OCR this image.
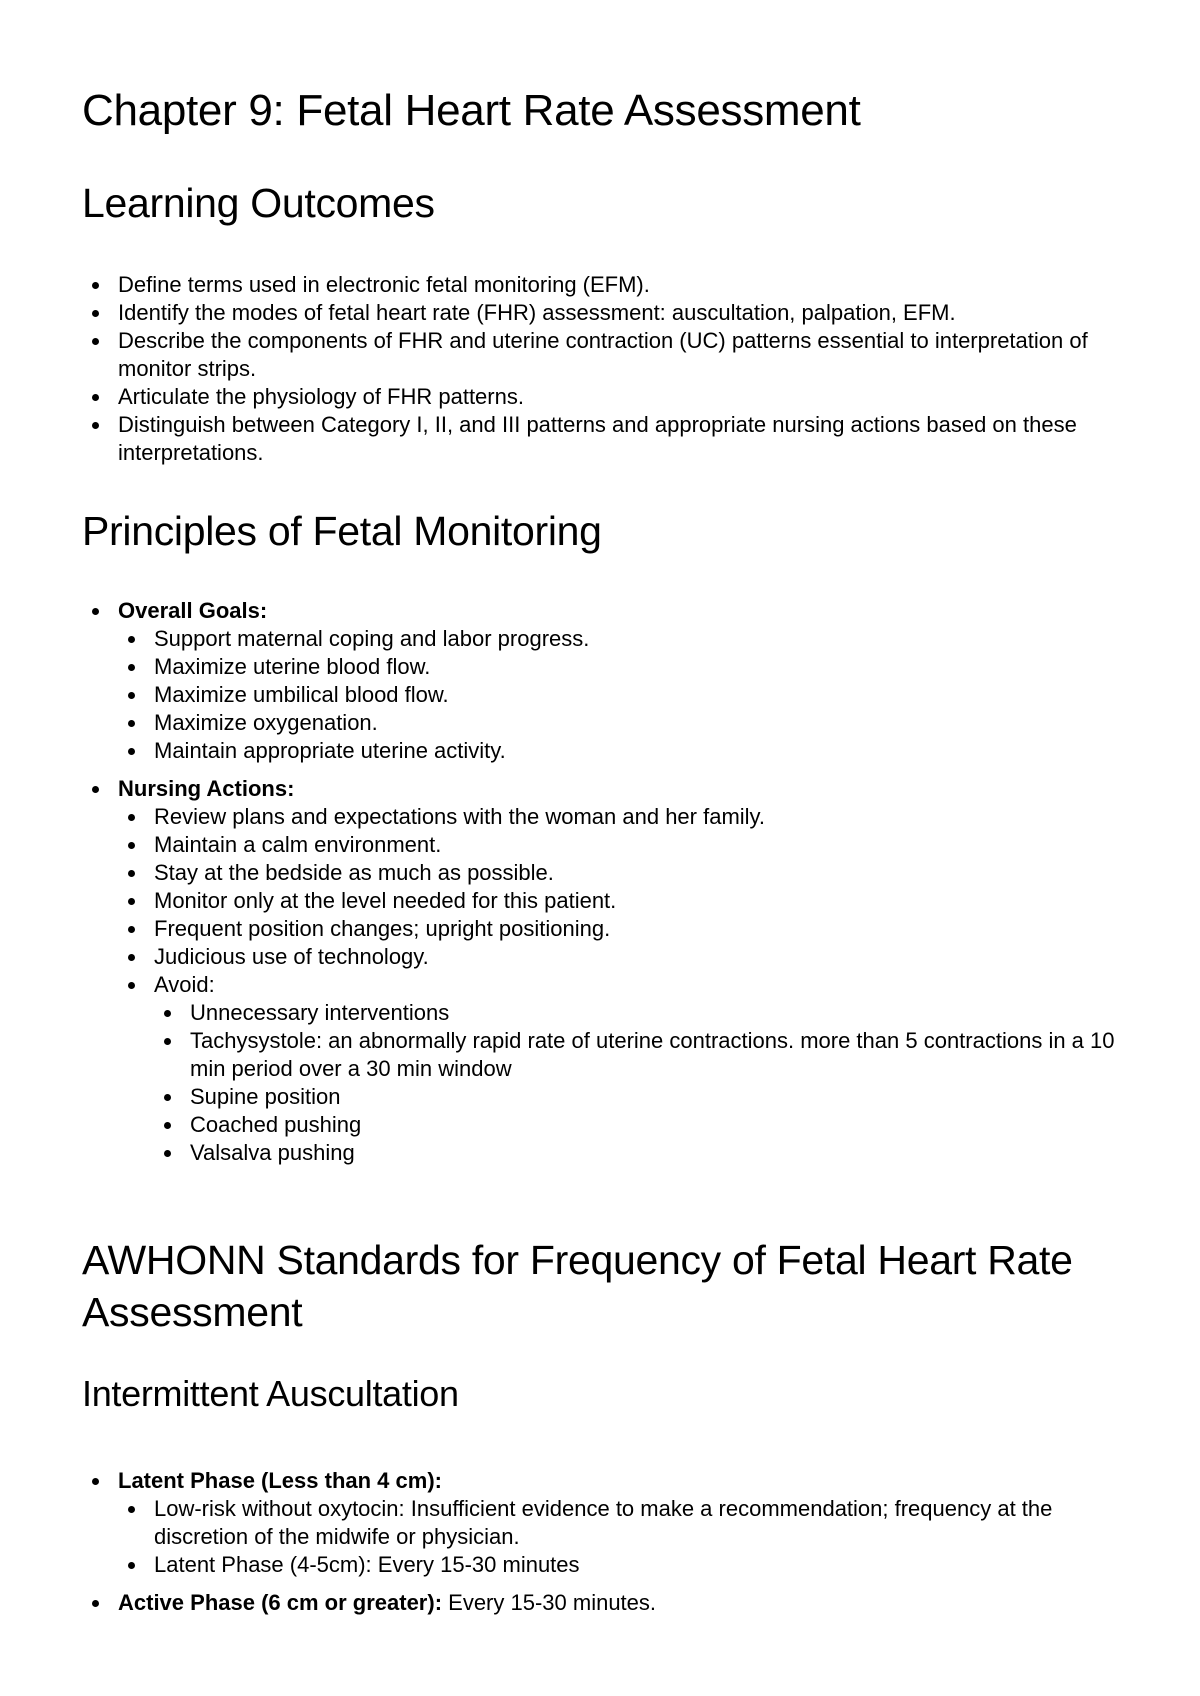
Chapter 9: Fetal Heart Rate Assessment
Learning Outcomes
Define terms used in electronic fetal monitoring (EFM).
Identify the modes of fetal heart rate (FHR) assessment: auscultation, palpation, EFM.
Describe the components of FHR and uterine contraction (UC) patterns essential to interpretation of monitor strips.
Articulate the physiology of FHR patterns.
Distinguish between Category I, II, and III patterns and appropriate nursing actions based on these interpretations.
Principles of Fetal Monitoring
Overall Goals:
Support maternal coping and labor progress.
Maximize uterine blood flow.
Maximize umbilical blood flow.
Maximize oxygenation.
Maintain appropriate uterine activity.
Nursing Actions:
Review plans and expectations with the woman and her family.
Maintain a calm environment.
Stay at the bedside as much as possible.
Monitor only at the level needed for this patient.
Frequent position changes; upright positioning.
Judicious use of technology.
Avoid:
Unnecessary interventions
Tachysystole: an abnormally rapid rate of uterine contractions. more than 5 contractions in a 10 min period over a 30 min window
Supine position
Coached pushing
Valsalva pushing
AWHONN Standards for Frequency of Fetal Heart Rate Assessment
Intermittent Auscultation
Latent Phase (Less than 4 cm):
Low-risk without oxytocin: Insufficient evidence to make a recommendation; frequency at the discretion of the midwife or physician.
Latent Phase (4-5cm): Every 15-30 minutes
Active Phase (6 cm or greater): Every 15-30 minutes.
